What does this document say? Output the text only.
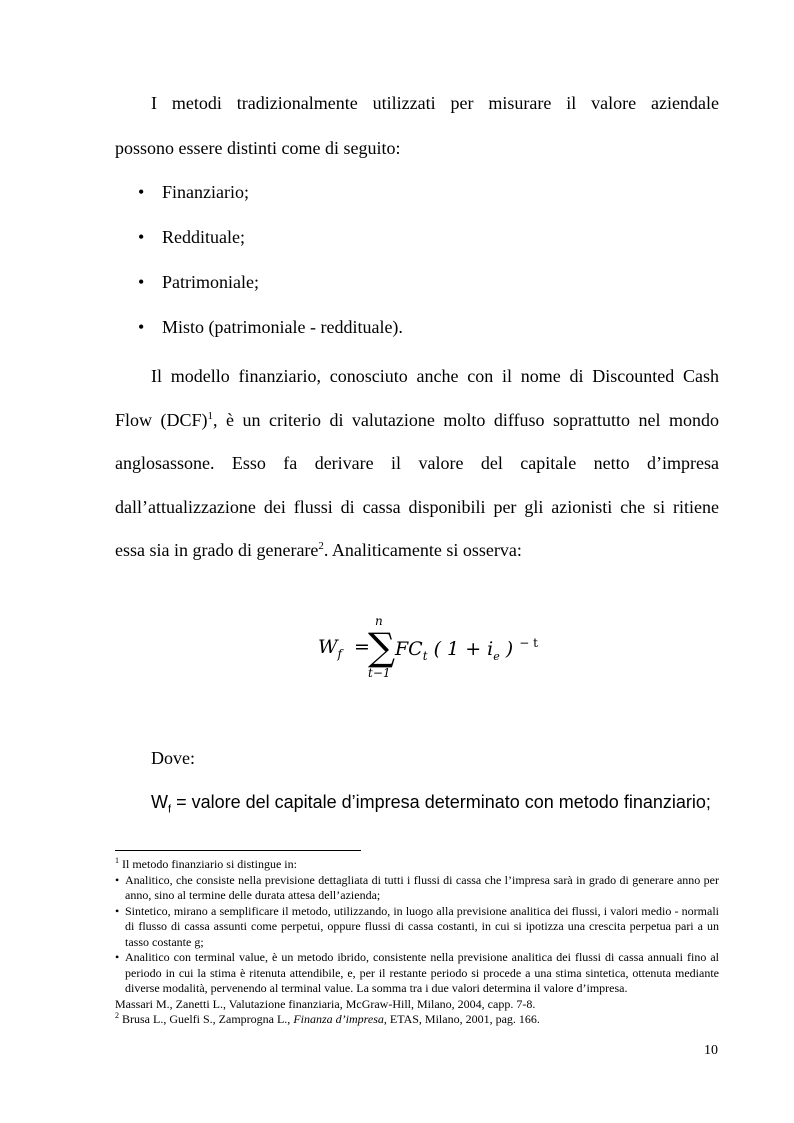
I metodi tradizionalmente utilizzati per misurare il valore aziendale
possono essere distinti come di seguito:
• Finanziario;
• Reddituale;
• Patrimoniale;
• Misto (patrimoniale - reddituale).
Il modello finanziario, conosciuto anche con il nome di Discounted Cash
Flow (DCF)$^1$, è un criterio di valutazione molto diffuso soprattutto nel mondo
anglosassone. Esso fa derivare il valore del capitale netto d’impresa
dall’attualizzazione dei flussi di cassa disponibili per gli azionisti che si ritiene
essa sia in grado di generare$^2$. Analiticamente si osserva:
$W_f$ =
n
∑
t−1
$FC_t$ ( $1 + i_e$ ) $^{- t}$
Dove:
$W_f$ = valore del capitale d’impresa determinato con metodo finanziario;
$^1$ Il metodo finanziario si distingue in:
• Analitico, che consiste nella previsione dettagliata di tutti i flussi di cassa che l’impresa sarà in grado di generare anno per anno, sino al termine delle durata attesa dell’azienda;
• Sintetico, mirano a semplificare il metodo, utilizzando, in luogo alla previsione analitica dei flussi, i valori medio - normali di flusso di cassa assunti come perpetui, oppure flussi di cassa costanti, in cui si ipotizza una crescita perpetua pari a un tasso costante g;
• Analitico con terminal value, è un metodo ibrido, consistente nella previsione analitica dei flussi di cassa annuali fino al periodo in cui la stima è ritenuta attendibile, e, per il restante periodo si procede a una stima sintetica, ottenuta mediante diverse modalità, pervenendo al terminal value. La somma tra i due valori determina il valore d’impresa.
Massari M., Zanetti L., Valutazione finanziaria, McGraw-Hill, Milano, 2004, capp. 7-8.
$^2$ Brusa L., Guelfi S., Zamprogna L., Finanza d’impresa, ETAS, Milano, 2001, pag. 166.
10
